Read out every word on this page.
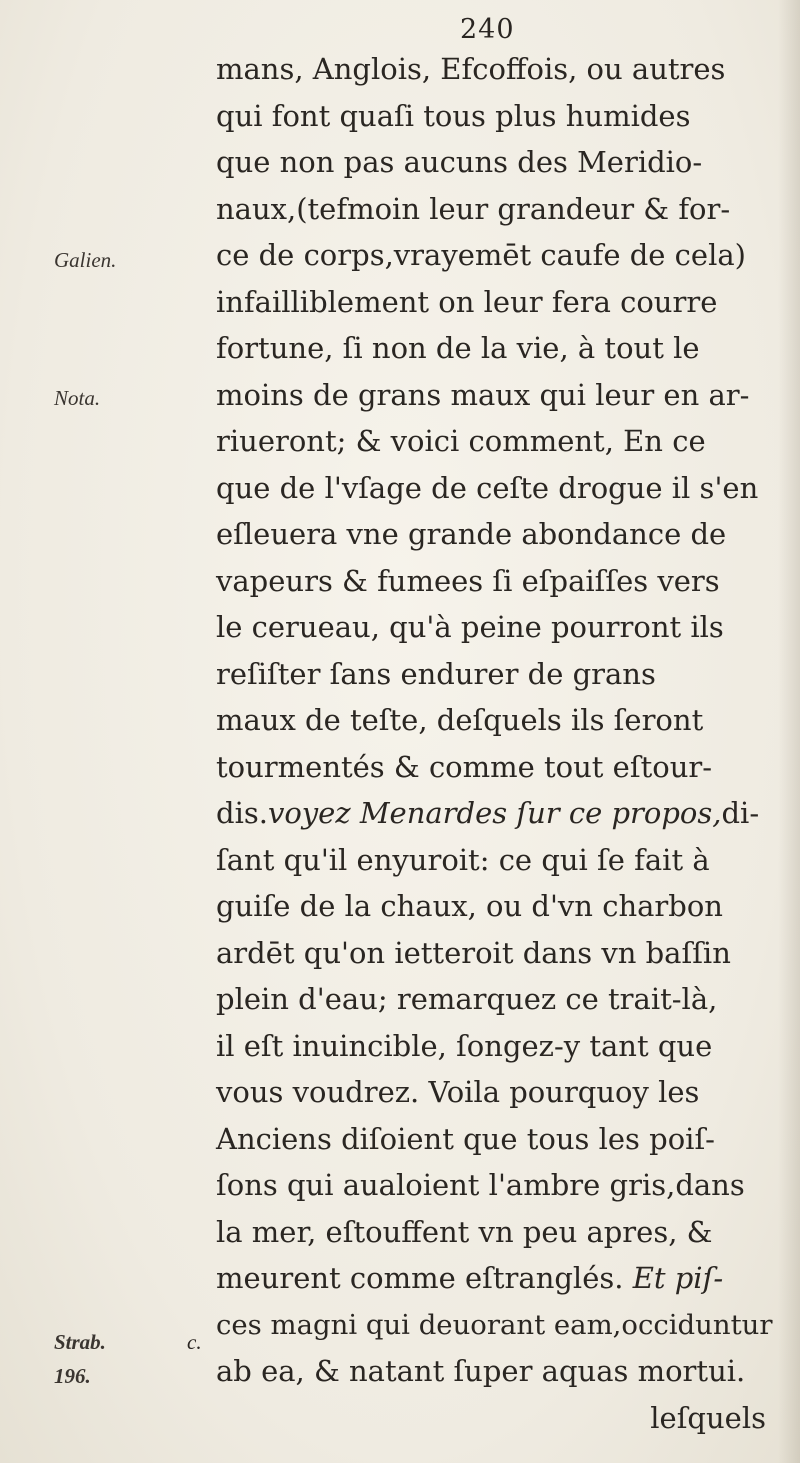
240
Galien.
Nota.
Strab.
196.
c.
mans, Anglois, Efcoffois, ou autres
qui font quaſi tous plus humides
que non pas aucuns des Meridio-
naux,(tefmoin leur grandeur & for-
ce de corps,vrayemēt caufe de cela)
infailliblement on leur fera courre
fortune, ſi non de la vie, à tout le
moins de grans maux qui leur en ar-
riueront; & voici comment, En ce
que de l'vſage de ceſte drogue il s'en
eſleuera vne grande abondance de
vapeurs & fumees ſi eſpaiſſes vers
le cerueau, qu'à peine pourront ils
reſiſter ſans endurer de grans
maux de teſte, deſquels ils ſeront
tourmentés & comme tout eſtour-
dis.voyez Menardes ſur ce propos,di-
ſant qu'il enyuroit: ce qui ſe fait à
guiſe de la chaux, ou d'vn charbon
ardēt qu'on ietteroit dans vn baſſin
plein d'eau; remarquez ce trait-là,
il eſt inuincible, ſongez-y tant que
vous voudrez. Voila pourquoy les
Anciens diſoient que tous les poiſ-
ſons qui aualoient l'ambre gris,dans
la mer, eſtouffent vn peu apres, &
meurent comme eſtranglés. Et piſ-
ces magni qui deuorant eam,occiduntur
ab ea, & natant ſuper aquas mortui.
leſquels
